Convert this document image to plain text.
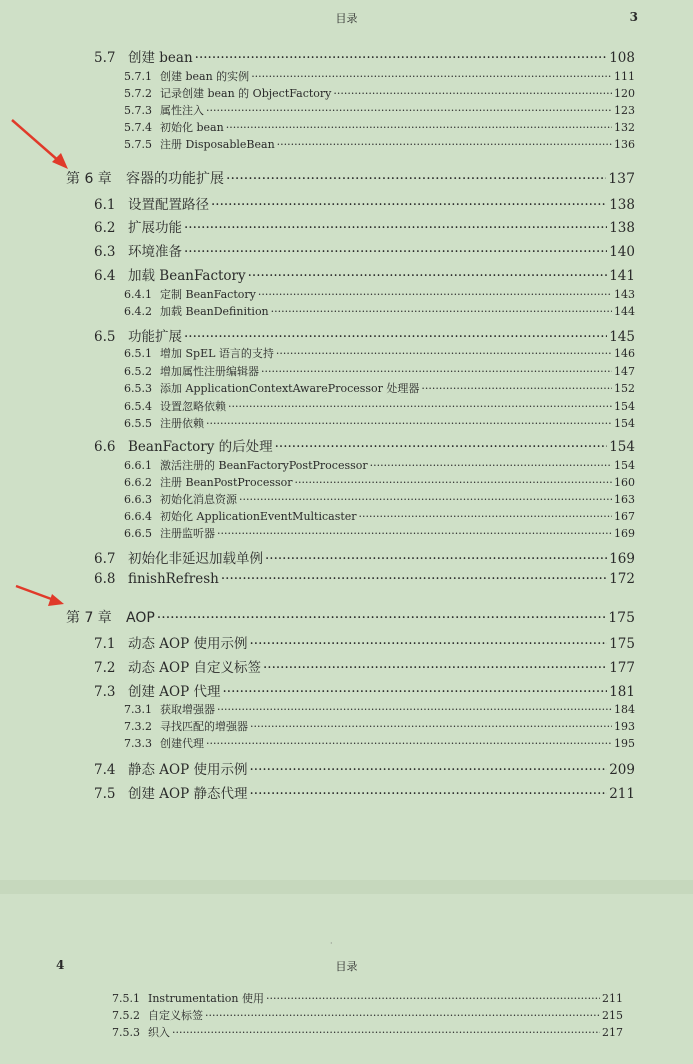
目录	3
5.7 创建 bean ·····	108
5.7.1 创建 bean 的实例 ·····	111
5.7.2 记录创建 bean 的 ObjectFactory ·····	120
5.7.3 属性注入 ·····	123
5.7.4 初始化 bean ·····	132
5.7.5 注册 DisposableBean ·····	136
第 6 章	容器的功能扩展 ·····	137
6.1 设置配置路径 ·····	138
6.2 扩展功能 ·····	138
6.3 环境准备 ·····	140
6.4 加载 BeanFactory ·····	141
6.4.1 定制 BeanFactory ·····	143
6.4.2 加载 BeanDefinition ·····	144
6.5 功能扩展 ·····	145
6.5.1 增加 SpEL 语言的支持 ·····	146
6.5.2 增加属性注册编辑器 ·····	147
6.5.3 添加 ApplicationContextAwareProcessor 处理器 ·····	152
6.5.4 设置忽略依赖 ·····	154
6.5.5 注册依赖 ·····	154
6.6 BeanFactory 的后处理 ·····	154
6.6.1 激活注册的 BeanFactoryPostProcessor ·····	154
6.6.2 注册 BeanPostProcessor ·····	160
6.6.3 初始化消息资源 ·····	163
6.6.4 初始化 ApplicationEventMulticaster ·····	167
6.6.5 注册监听器 ·····	169
6.7 初始化非延迟加载单例 ·····	169
6.8 finishRefresh ·····	172
第 7 章	AOP ·····	175
7.1 动态 AOP 使用示例 ·····	175
7.2 动态 AOP 自定义标签 ·····	177
7.3 创建 AOP 代理 ·····	181
7.3.1 获取增强器 ·····	184
7.3.2 寻找匹配的增强器 ·····	193
7.3.3 创建代理 ·····	195
7.4 静态 AOP 使用示例 ·····	209
7.5 创建 AOP 静态代理 ·····	211
·
4	目录
7.5.1 Instrumentation 使用 ·····	211
7.5.2 自定义标签 ·····	215
7.5.3 织入 ·····	217
